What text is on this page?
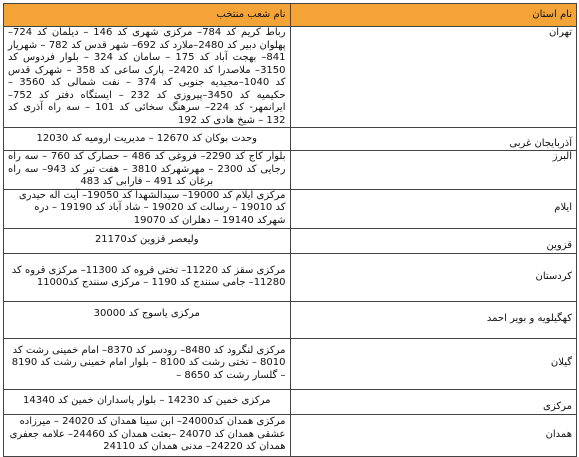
نام استان	نام شعب منتخب
تهران	رباط کریم کد 784– مرکزی شهری کد 146 – دیلمان کد 724– پهلوان دبیر کد 2480–ملارد کد 692– شهر قدس کد 782 – شهریار 841– بهجت آباد کد 175 – سامان کد 324 – بلوار فردوس کد 3150– ملاصدرا کد 2420– پارک ساعی کد 358 – شهرک قدس کد 1040–مجیدیه جنوبی کد 374 – نفت شمالی کد 3560 – حکیمیه کد 3450–پیروزی کد 232 – ایستگاه دفتر کد 752– ایرانمهر- کد 224– سرهنگ سخائی کد 101 – سه راه آذری کد 132 – شیخ هادی کد 192
آذربایجان غربی	وحدت بوکان کد 12670 – مدیریت ارومیه کد 12030
البرز	بلوار کاج کد 2290– فروغی کد 486 – حصارک کد 760 – سه راه رجایی کد 2300 – مهرشهرکد 3810 – هفت تیر کد 943– سه راه برغان کد 491 – فارابی کد 483
ایلام	مرکزی ایلام کد 19000– سیدالشهدا کد 19050– آیت اله حیدری کد 19010 – رسالت کد 19020 – شاد آباد کد 19190 – دره شهرکد 19140 – دهلران کد 19070
قزوین	ولیعصر قزوین کد21170
کردستان	مرکزی سقز کد 11220– تختی قروه کد 11300– مرکزی قروه کد 11280– جامی سنندج کد 1190 – مرکزی سنندج کد11000
کهگیلویه و بویر احمد	مرکزی یاسوج کد 30000
گیلان	مرکزی لنگرود کد 8480– رودسر کد 8370– امام خمینی رشت کد 8010 – تختی رشت کد 8100 – بلوار امام خمینی رشت کد 8190 – گلسار رشت کد 8650 –
مرکزی	مرکزی خمین کد 14230 – بلوار پاسداران خمین کد 14340
همدان	مرکزی همدان کد24000– ابن سینا همدان کد 24020 – میرزاده عشقی همدان کد 24070 –بعثت همدان کد 24460– علامه جعفری همدان کد 24220– مدنی همدان کد 24110
